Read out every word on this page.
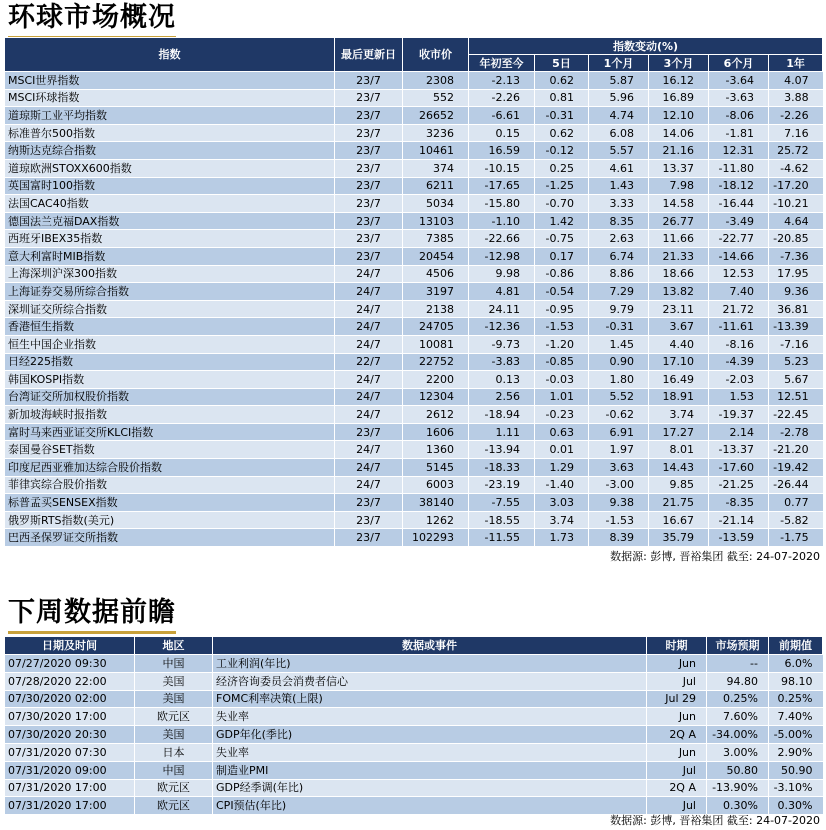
环球市场概况
指数	最后更新日	收市价	指数变动(%)					
			年初至今	5日	1个月	3个月	6个月	1年
MSCI世界指数	23/7	2308	-2.13	0.62	5.87	16.12	-3.64	4.07
MSCI环球指数	23/7	552	-2.26	0.81	5.96	16.89	-3.63	3.88
道琼斯工业平均指数	23/7	26652	-6.61	-0.31	4.74	12.10	-8.06	-2.26
标准普尔500指数	23/7	3236	0.15	0.62	6.08	14.06	-1.81	7.16
纳斯达克综合指数	23/7	10461	16.59	-0.12	5.57	21.16	12.31	25.72
道琼欧洲STOXX600指数	23/7	374	-10.15	0.25	4.61	13.37	-11.80	-4.62
英国富时100指数	23/7	6211	-17.65	-1.25	1.43	7.98	-18.12	-17.20
法国CAC40指数	23/7	5034	-15.80	-0.70	3.33	14.58	-16.44	-10.21
德国法兰克福DAX指数	23/7	13103	-1.10	1.42	8.35	26.77	-3.49	4.64
西班牙IBEX35指数	23/7	7385	-22.66	-0.75	2.63	11.66	-22.77	-20.85
意大利富时MIB指数	23/7	20454	-12.98	0.17	6.74	21.33	-14.66	-7.36
上海深圳沪深300指数	24/7	4506	9.98	-0.86	8.86	18.66	12.53	17.95
上海证券交易所综合指数	24/7	3197	4.81	-0.54	7.29	13.82	7.40	9.36
深圳证交所综合指数	24/7	2138	24.11	-0.95	9.79	23.11	21.72	36.81
香港恒生指数	24/7	24705	-12.36	-1.53	-0.31	3.67	-11.61	-13.39
恒生中国企业指数	24/7	10081	-9.73	-1.20	1.45	4.40	-8.16	-7.16
日经225指数	22/7	22752	-3.83	-0.85	0.90	17.10	-4.39	5.23
韩国KOSPI指数	24/7	2200	0.13	-0.03	1.80	16.49	-2.03	5.67
台湾证交所加权股价指数	24/7	12304	2.56	1.01	5.52	18.91	1.53	12.51
新加坡海峡时报指数	24/7	2612	-18.94	-0.23	-0.62	3.74	-19.37	-22.45
富时马来西亚证交所KLCI指数	23/7	1606	1.11	0.63	6.91	17.27	2.14	-2.78
泰国曼谷SET指数	24/7	1360	-13.94	0.01	1.97	8.01	-13.37	-21.20
印度尼西亚雅加达综合股价指数	24/7	5145	-18.33	1.29	3.63	14.43	-17.60	-19.42
菲律宾综合股价指数	24/7	6003	-23.19	-1.40	-3.00	9.85	-21.25	-26.44
标普孟买SENSEX指数	23/7	38140	-7.55	3.03	9.38	21.75	-8.35	0.77
俄罗斯RTS指数(美元)	23/7	1262	-18.55	3.74	-1.53	16.67	-21.14	-5.82
巴西圣保罗证交所指数	23/7	102293	-11.55	1.73	8.39	35.79	-13.59	-1.75
数据源: 彭博, 晋裕集团 截至: 24-07-2020
下周数据前瞻
日期及时间	地区	数据或事件	时期	市场预期	前期值
07/27/2020 09:30	中国	工业利润(年比)	Jun	--	6.0%
07/28/2020 22:00	美国	经济咨询委员会消费者信心	Jul	94.80	98.10
07/30/2020 02:00	美国	FOMC利率决策(上限)	Jul 29	0.25%	0.25%
07/30/2020 17:00	欧元区	失业率	Jun	7.60%	7.40%
07/30/2020 20:30	美国	GDP年化(季比)	2Q A	-34.00%	-5.00%
07/31/2020 07:30	日本	失业率	Jun	3.00%	2.90%
07/31/2020 09:00	中国	制造业PMI	Jul	50.80	50.90
07/31/2020 17:00	欧元区	GDP经季调(年比)	2Q A	-13.90%	-3.10%
07/31/2020 17:00	欧元区	CPI预估(年比)	Jul	0.30%	0.30%
数据源: 彭博, 晋裕集团 截至: 24-07-2020
